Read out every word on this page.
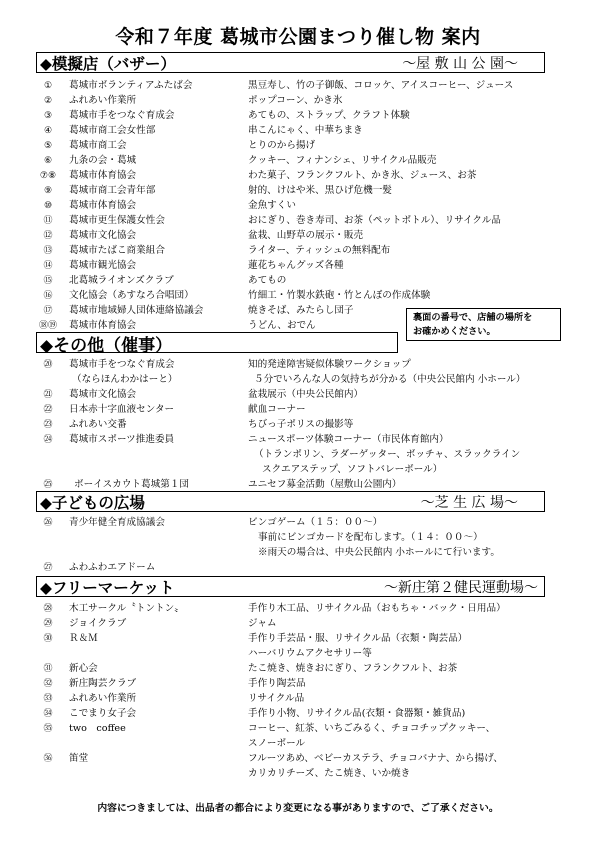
令和７年度 葛城市公園まつり催し物 案内
◆模擬店（バザー）	～屋 敷 山 公 園～
①	葛城市ボランティアふたば会	黒豆寿し、竹の子御飯、コロッケ、アイスコーヒー、ジュース
②	ふれあい作業所	ポップコーン、かき氷
③	葛城市手をつなぐ育成会	あてもの、ストラップ、クラフト体験
④	葛城市商工会女性部	串こんにゃく、中華ちまき
⑤	葛城市商工会	とりのから揚げ
⑥	九条の会・葛城	クッキー、フィナンシェ、リサイクル品販売
⑦⑧	葛城市体育協会	わた菓子、フランクフルト、かき氷、ジュース、お茶
⑨	葛城市商工会青年部	射的、けはや米、黒ひげ危機一髪
⑩	葛城市体育協会	金魚すくい
⑪	葛城市更生保護女性会	おにぎり、巻き寿司、お茶（ペットボトル）、リサイクル品
⑫	葛城市文化協会	盆栽、山野草の展示・販売
⑬	葛城市たばこ商業組合	ライター、ティッシュの無料配布
⑭	葛城市観光協会	蓮花ちゃんグッズ各種
⑮	北葛城ライオンズクラブ	あてもの
⑯	文化協会（あすなろ合唱団）	竹細工・竹製水鉄砲・竹とんぼの作成体験
⑰	葛城市地域婦人団体連絡協議会	焼きそば、みたらし団子
⑱⑲	葛城市体育協会	うどん、おでん
裏面の番号で、店舗の場所を
お確かめください。
◆その他（催事）
⑳	葛城市手をつなぐ育成会	知的発達障害疑似体験ワークショップ
（ならほんわかはーと）	５分でいろんな人の気持ちが分かる（中央公民館内 小ホール）
㉑	葛城市文化協会	盆栽展示（中央公民館内）
㉒	日本赤十字血液センター	献血コーナー
㉓	ふれあい交番	ちびっ子ポリスの撮影等
㉔	葛城市スポーツ推進委員	ニュースポーツ体験コーナー（市民体育館内）
（トランポリン、ラダーゲッター、ボッチャ、スラックライン
スクエアステップ、ソフトバレーボール）
㉕	ボーイスカウト葛城第１団	ユニセフ募金活動（屋敷山公園内）
◆子どもの広場	～芝 生 広 場～
㉖	青少年健全育成協議会	ビンゴゲーム（１５：００～）
事前にビンゴカードを配布します。（１４：００～）
※雨天の場合は、中央公民館内 小ホールにて行います。
㉗	ふわふわエアドーム
◆フリーマーケット	～新庄第２健民運動場～
㉘	木工サークル〝トントン〟	手作り木工品、リサイクル品（おもちゃ・バック・日用品）
㉙	ジョイクラブ	ジャム
㉚	Ｒ＆Ｍ	手作り手芸品・服、リサイクル品（衣類・陶芸品）
ハーバリウムアクセサリー等
㉛	新心会	たこ焼き、焼きおにぎり、フランクフルト、お茶
㉜	新庄陶芸クラブ	手作り陶芸品
㉝	ふれあい作業所	リサイクル品
㉞	こでまり女子会	手作り小物、リサイクル品(衣類・食器類・雑貨品)
㉟	two　coffee	コーヒー、紅茶、いちごみるく、チョコチップクッキー、
スノーボール
㊱	笛堂	フルーツあめ、ベビーカステラ、チョコバナナ、から揚げ、
カリカリチーズ、たこ焼き、いか焼き
内容につきましては、出品者の都合により変更になる事がありますので、ご了承ください。
